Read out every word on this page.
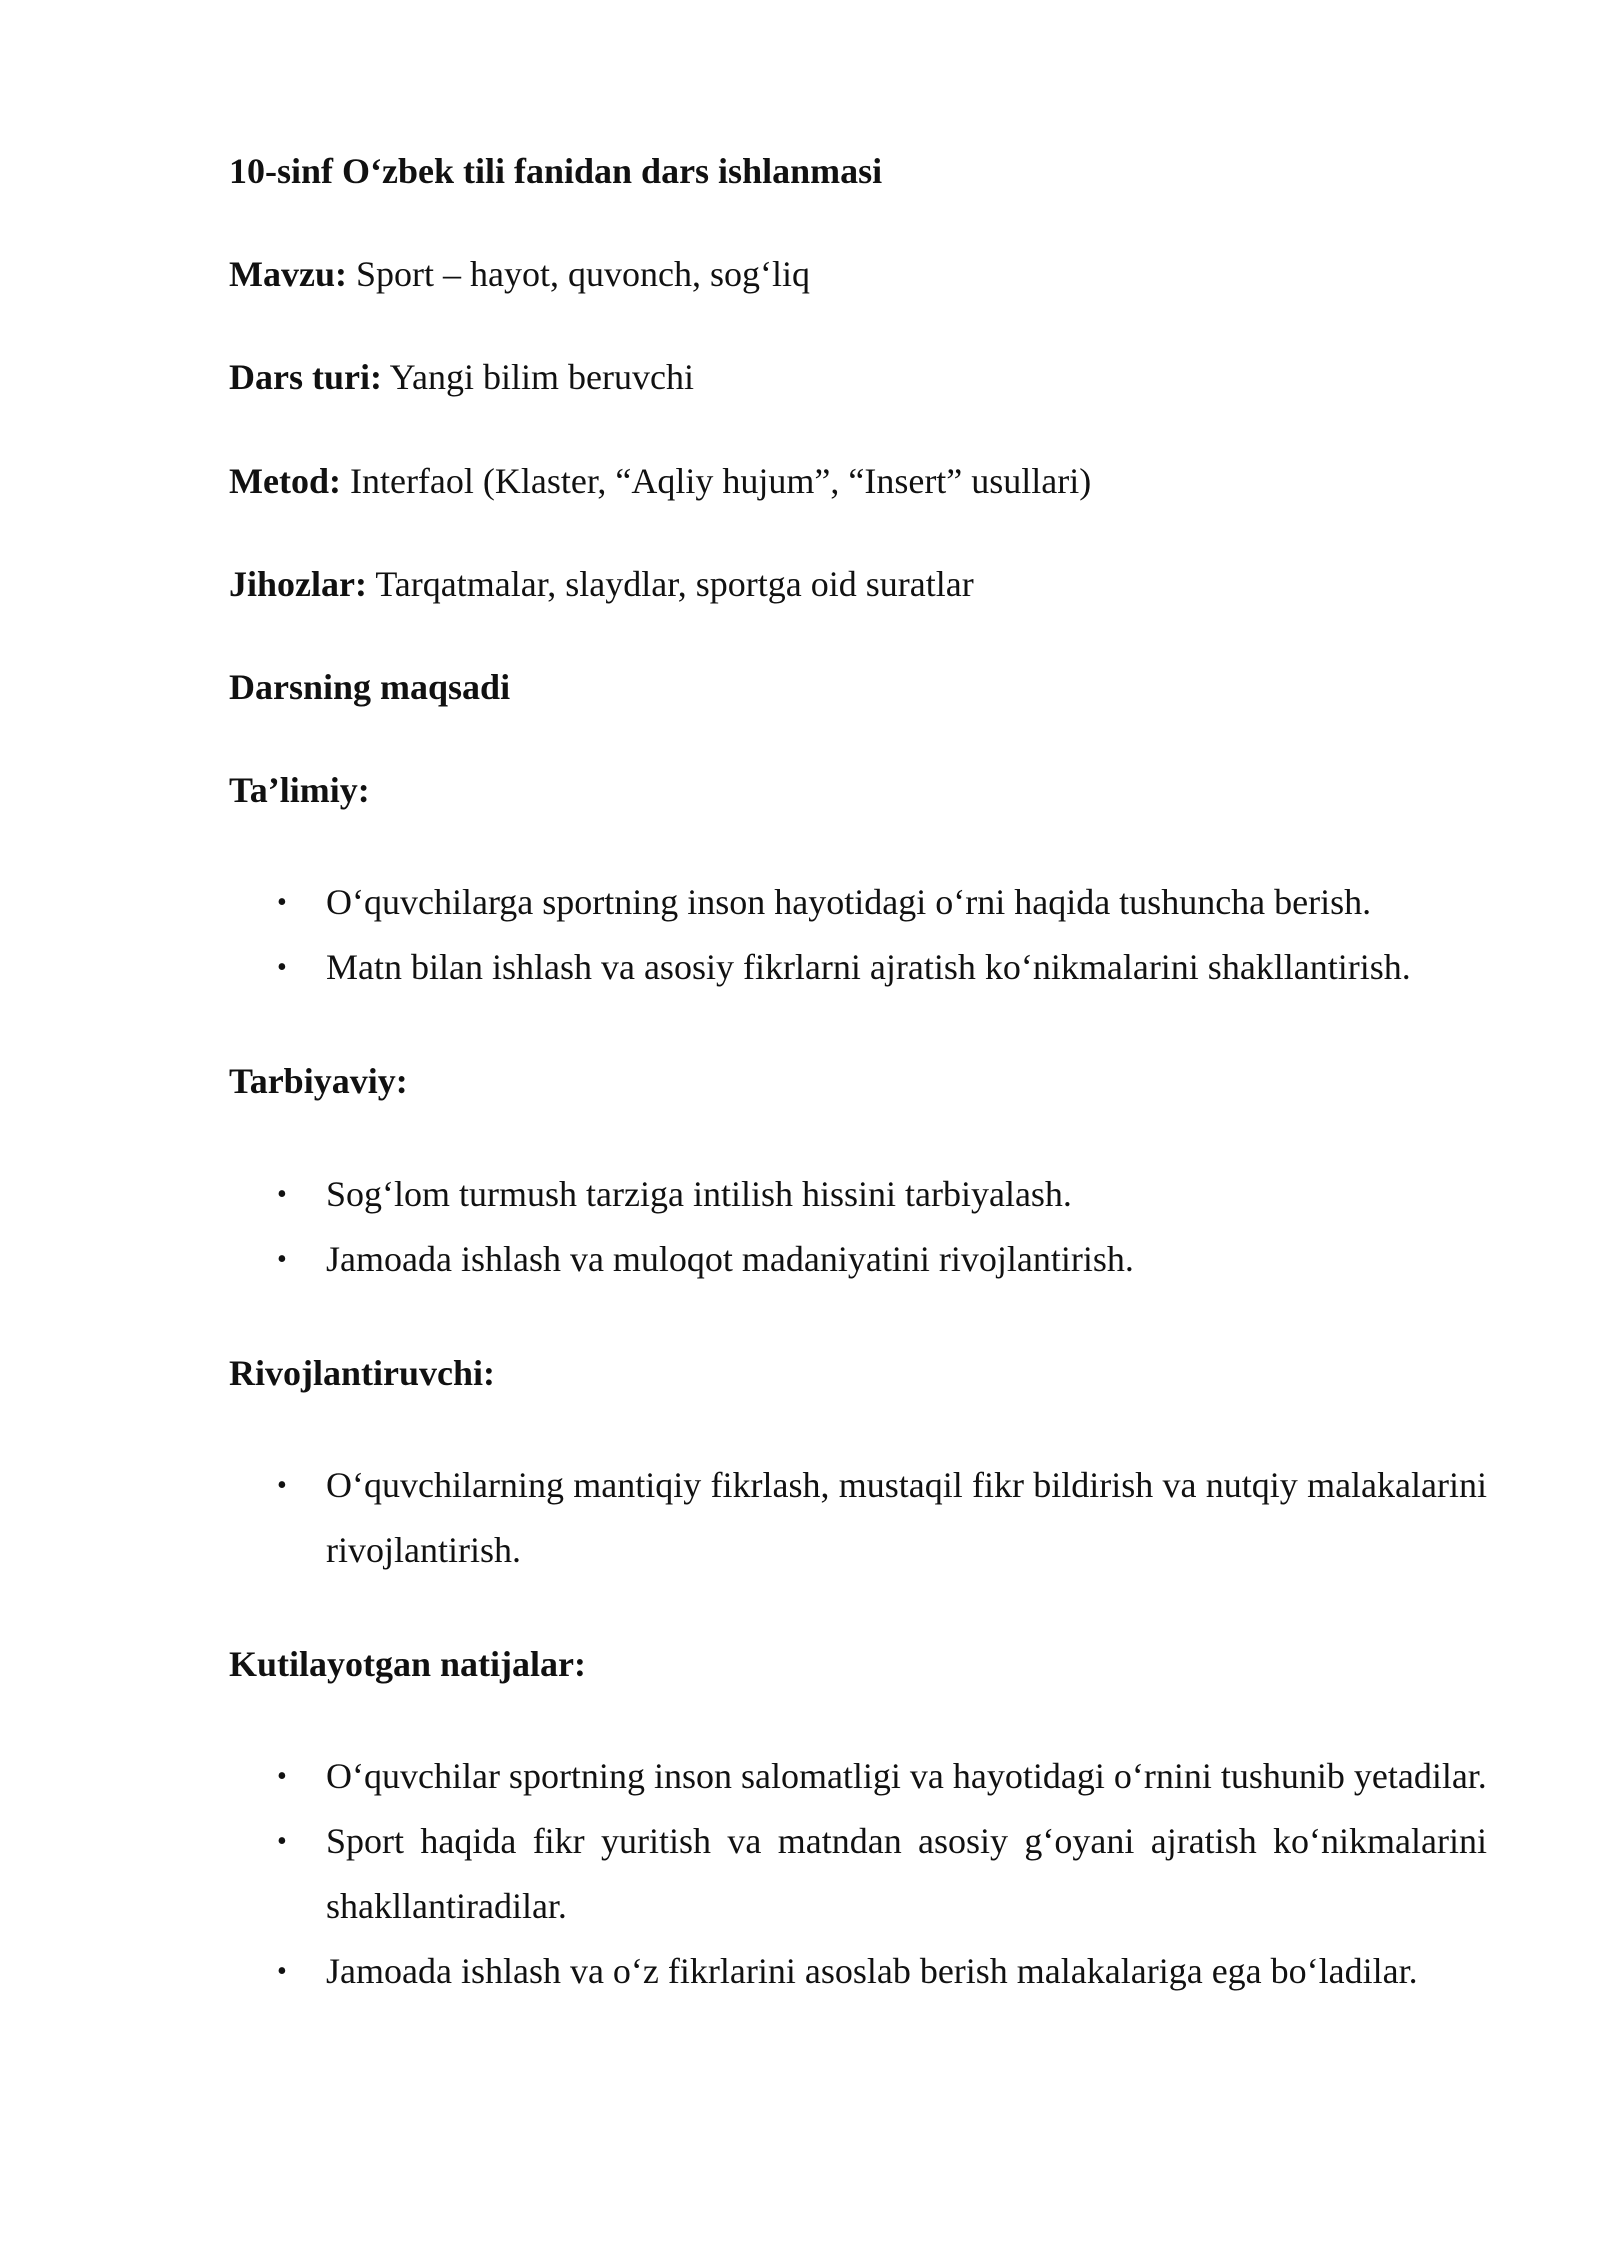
10-sinf O‘zbek tili fanidan dars ishlanmasi

Mavzu: Sport – hayot, quvonch, sog‘liq

Dars turi: Yangi bilim beruvchi

Metod: Interfaol (Klaster, “Aqliy hujum”, “Insert” usullari)

Jihozlar: Tarqatmalar, slaydlar, sportga oid suratlar

Darsning maqsadi

Ta’limiy:

• O‘quvchilarga sportning inson hayotidagi o‘rni haqida tushuncha berish.
• Matn bilan ishlash va asosiy fikrlarni ajratish ko‘nikmalarini shakllantirish.

Tarbiyaviy:

• Sog‘lom turmush tarziga intilish hissini tarbiyalash.
• Jamoada ishlash va muloqot madaniyatini rivojlantirish.

Rivojlantiruvchi:

• O‘quvchilarning mantiqiy fikrlash, mustaqil fikr bildirish va nutqiy malakalarini rivojlantirish.

Kutilayotgan natijalar:

• O‘quvchilar sportning inson salomatligi va hayotidagi o‘rnini tushunib yetadilar.
• Sport haqida fikr yuritish va matndan asosiy g‘oyani ajratish ko‘nikmalarini shakllantiradilar.
• Jamoada ishlash va o‘z fikrlarini asoslab berish malakalariga ega bo‘ladilar.
